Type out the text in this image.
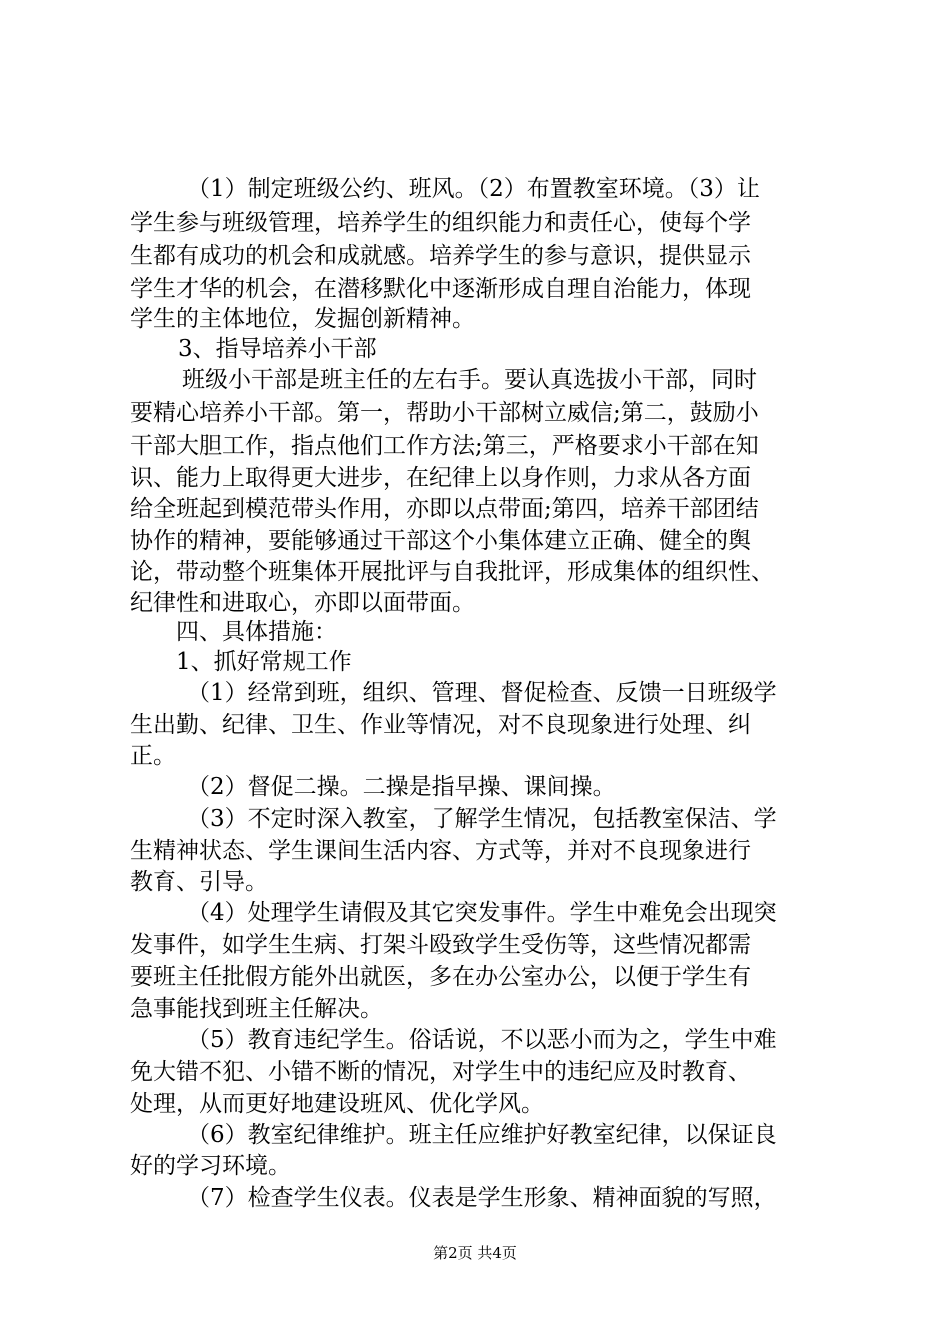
（1）制定班级公约、班风。（2）布置教室环境。（3）让
学生参与班级管理，培养学生的组织能力和责任心，使每个学
生都有成功的机会和成就感。培养学生的参与意识，提供显示
学生才华的机会，在潜移默化中逐渐形成自理自治能力，体现
学生的主体地位，发掘创新精神。
3、指导培养小干部
班级小干部是班主任的左右手。要认真选拔小干部，同时
要精心培养小干部。第一，帮助小干部树立威信;第二，鼓励小
干部大胆工作，指点他们工作方法;第三，严格要求小干部在知
识、能力上取得更大进步，在纪律上以身作则，力求从各方面
给全班起到模范带头作用，亦即以点带面;第四，培养干部团结
协作的精神，要能够通过干部这个小集体建立正确、健全的舆
论，带动整个班集体开展批评与自我批评，形成集体的组织性、
纪律性和进取心，亦即以面带面。
四、具体措施：
1、抓好常规工作
（1）经常到班，组织、管理、督促检查、反馈一日班级学
生出勤、纪律、卫生、作业等情况，对不良现象进行处理、纠
正。
（2）督促二操。二操是指早操、课间操。
（3）不定时深入教室，了解学生情况，包括教室保洁、学
生精神状态、学生课间生活内容、方式等，并对不良现象进行
教育、引导。
（4）处理学生请假及其它突发事件。学生中难免会出现突
发事件，如学生生病、打架斗殴致学生受伤等，这些情况都需
要班主任批假方能外出就医，多在办公室办公，以便于学生有
急事能找到班主任解决。
（5）教育违纪学生。俗话说，不以恶小而为之，学生中难
免大错不犯、小错不断的情况，对学生中的违纪应及时教育、
处理，从而更好地建设班风、优化学风。
（6）教室纪律维护。班主任应维护好教室纪律，以保证良
好的学习环境。
（7）检查学生仪表。仪表是学生形象、精神面貌的写照，
第2页 共4页
